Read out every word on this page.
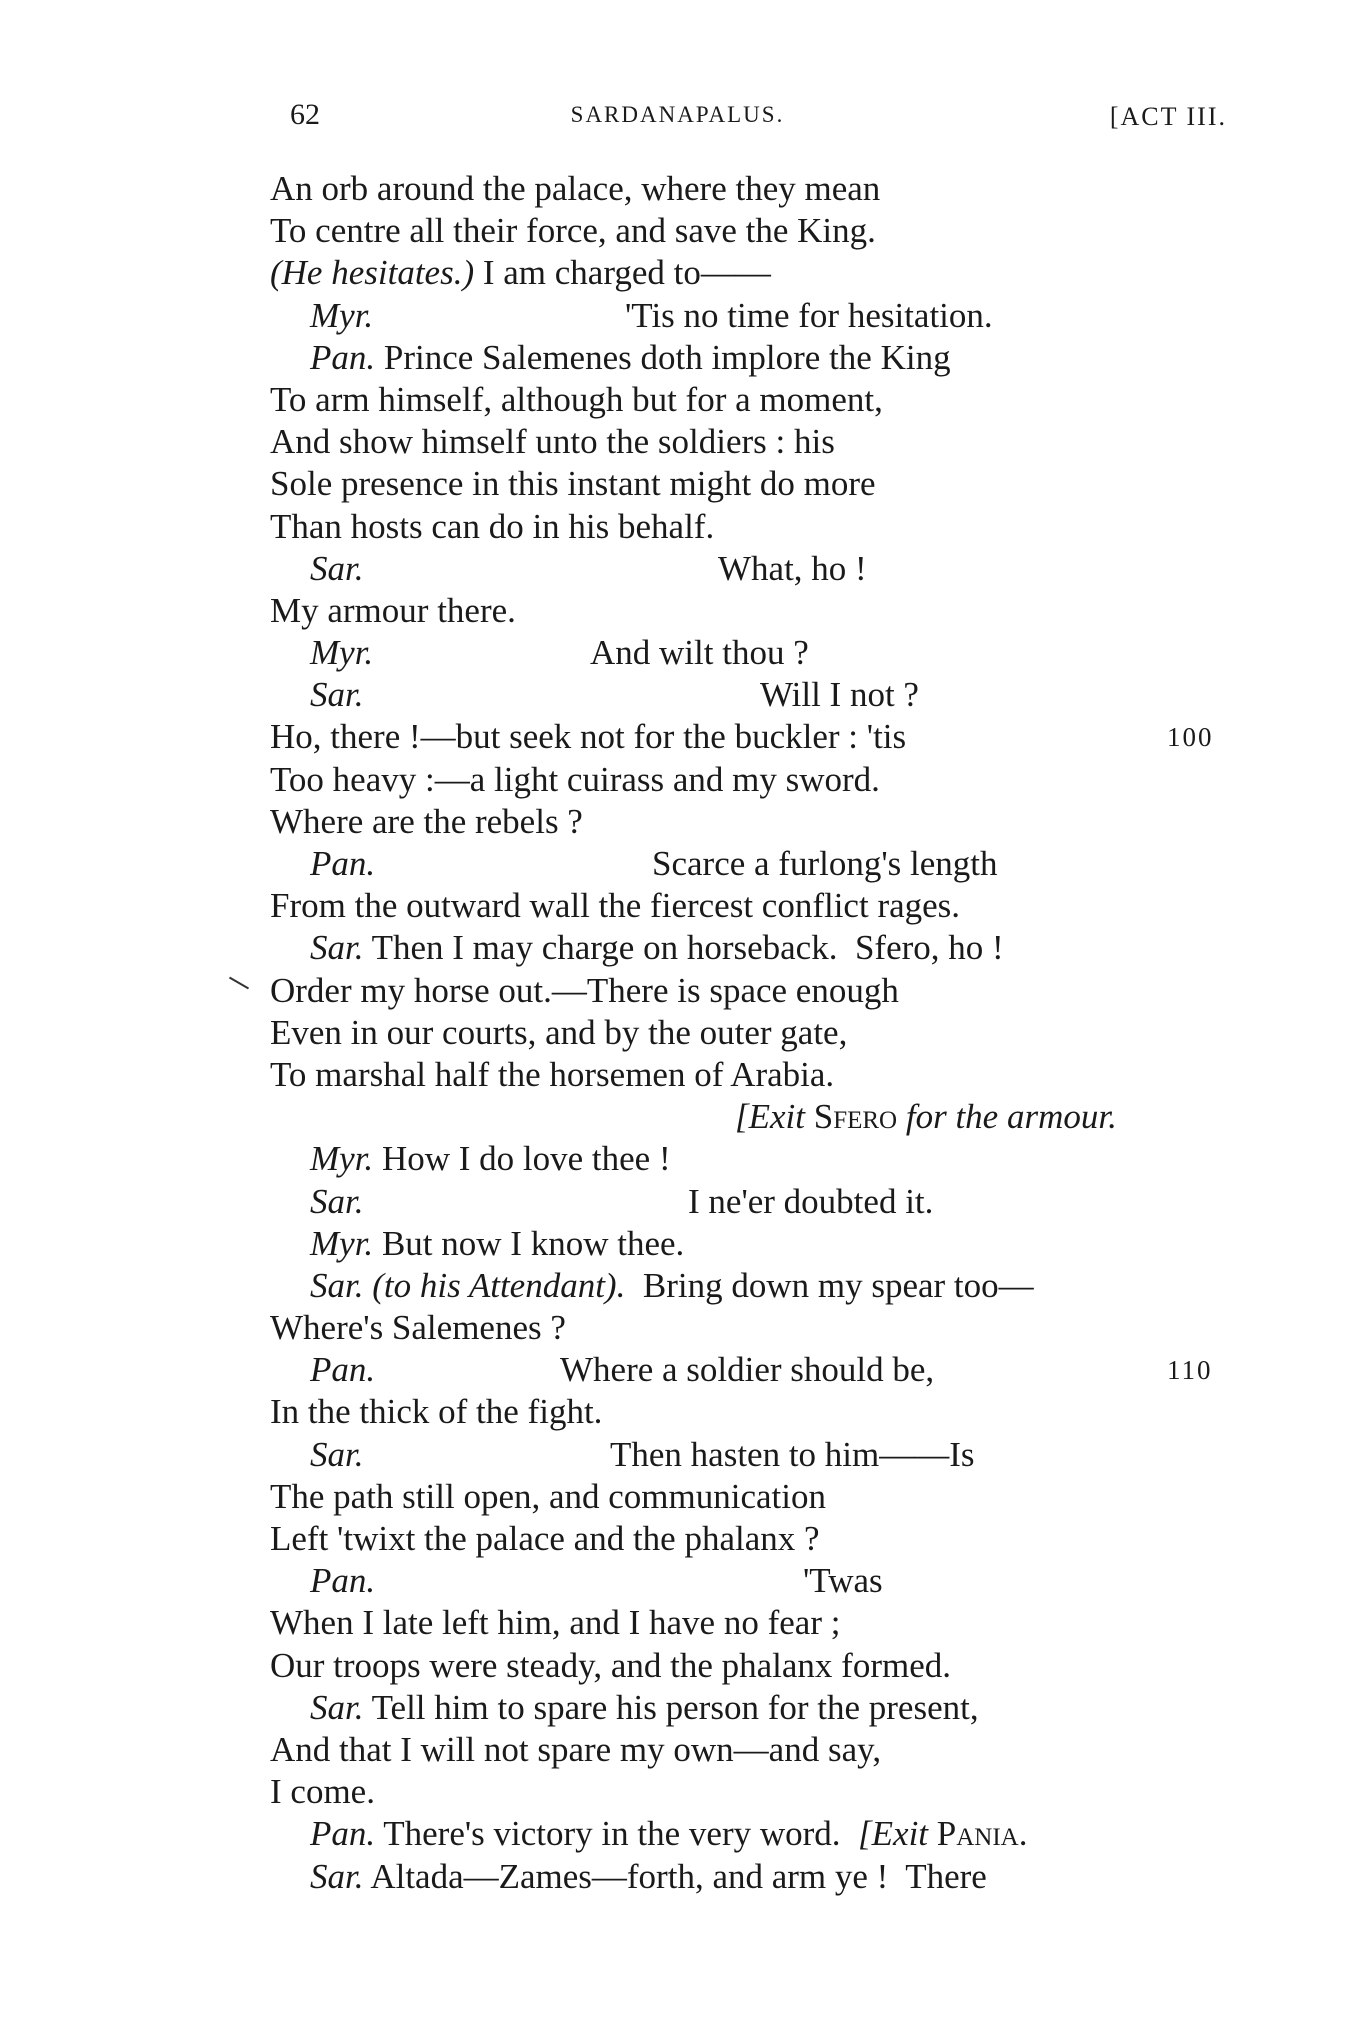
62	SARDANAPALUS.	[ACT III.
An orb around the palace, where they mean
To centre all their force, and save the King.
(He hesitates.) I am charged to——
Myr.	'Tis no time for hesitation.
Pan. Prince Salemenes doth implore the King
To arm himself, although but for a moment,
And show himself unto the soldiers : his
Sole presence in this instant might do more
Than hosts can do in his behalf.
Sar.	What, ho !
My armour there.
Myr.	And wilt thou ?
Sar.	Will I not ?
Ho, there !—but seek not for the buckler : 'tis	100
Too heavy :—a light cuirass and my sword.
Where are the rebels ?
Pan.	Scarce a furlong's length
From the outward wall the fiercest conflict rages.
Sar. Then I may charge on horseback.  Sfero, ho !
Order my horse out.—There is space enough
Even in our courts, and by the outer gate,
To marshal half the horsemen of Arabia.
[Exit Sfero for the armour.
Myr. How I do love thee !
Sar.	I ne'er doubted it.
Myr. But now I know thee.
Sar. (to his Attendant).  Bring down my spear too—
Where's Salemenes ?
Pan.	Where a soldier should be,	110
In the thick of the fight.
Sar.	Then hasten to him——Is
The path still open, and communication
Left 'twixt the palace and the phalanx ?
Pan.	'Twas
When I late left him, and I have no fear ;
Our troops were steady, and the phalanx formed.
Sar. Tell him to spare his person for the present,
And that I will not spare my own—and say,
I come.
Pan. There's victory in the very word.  [Exit Pania.
Sar. Altada—Zames—forth, and arm ye !  There
